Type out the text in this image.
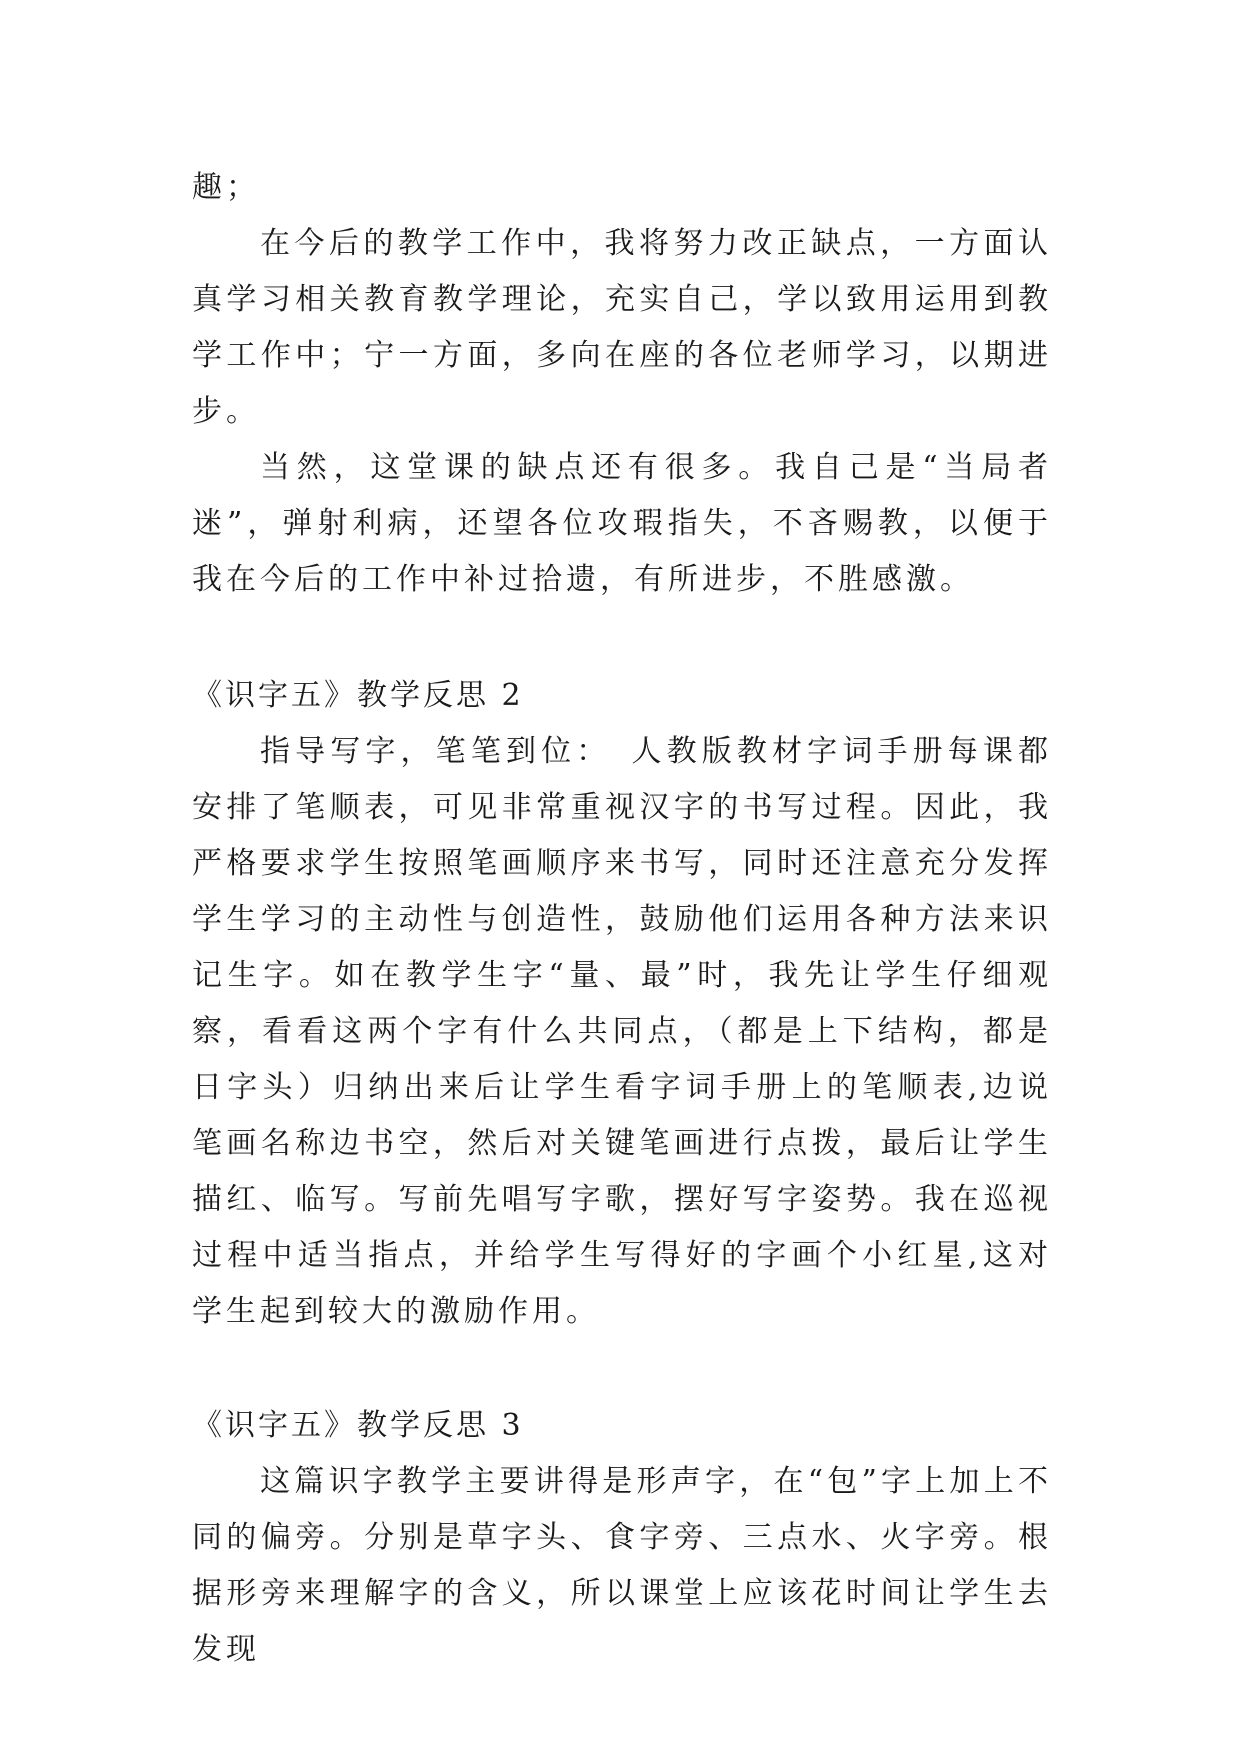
趣；

在今后的教学工作中，我将努力改正缺点，一方面认真学习相关教育教学理论，充实自己，学以致用运用到教学工作中；宁一方面，多向在座的各位老师学习，以期进步。

当然，这堂课的缺点还有很多。我自己是“当局者迷”，弹射利病，还望各位攻瑕指失，不吝赐教，以便于我在今后的工作中补过拾遗，有所进步，不胜感激。

《识字五》教学反思 2

指导写字，笔笔到位：　人教版教材字词手册每课都安排了笔顺表，可见非常重视汉字的书写过程。因此，我严格要求学生按照笔画顺序来书写，同时还注意充分发挥学生学习的主动性与创造性，鼓励他们运用各种方法来识记生字。如在教学生字“量、最”时，我先让学生仔细观察，看看这两个字有什么共同点，（都是上下结构，都是日字头）归纳出来后让学生看字词手册上的笔顺表,边说笔画名称边书空，然后对关键笔画进行点拨，最后让学生描红、临写。写前先唱写字歌，摆好写字姿势。我在巡视过程中适当指点，并给学生写得好的字画个小红星,这对学生起到较大的激励作用。

《识字五》教学反思 3

这篇识字教学主要讲得是形声字，在“包”字上加上不同的偏旁。分别是草字头、食字旁、三点水、火字旁。根据形旁来理解字的含义，所以课堂上应该花时间让学生去发现
